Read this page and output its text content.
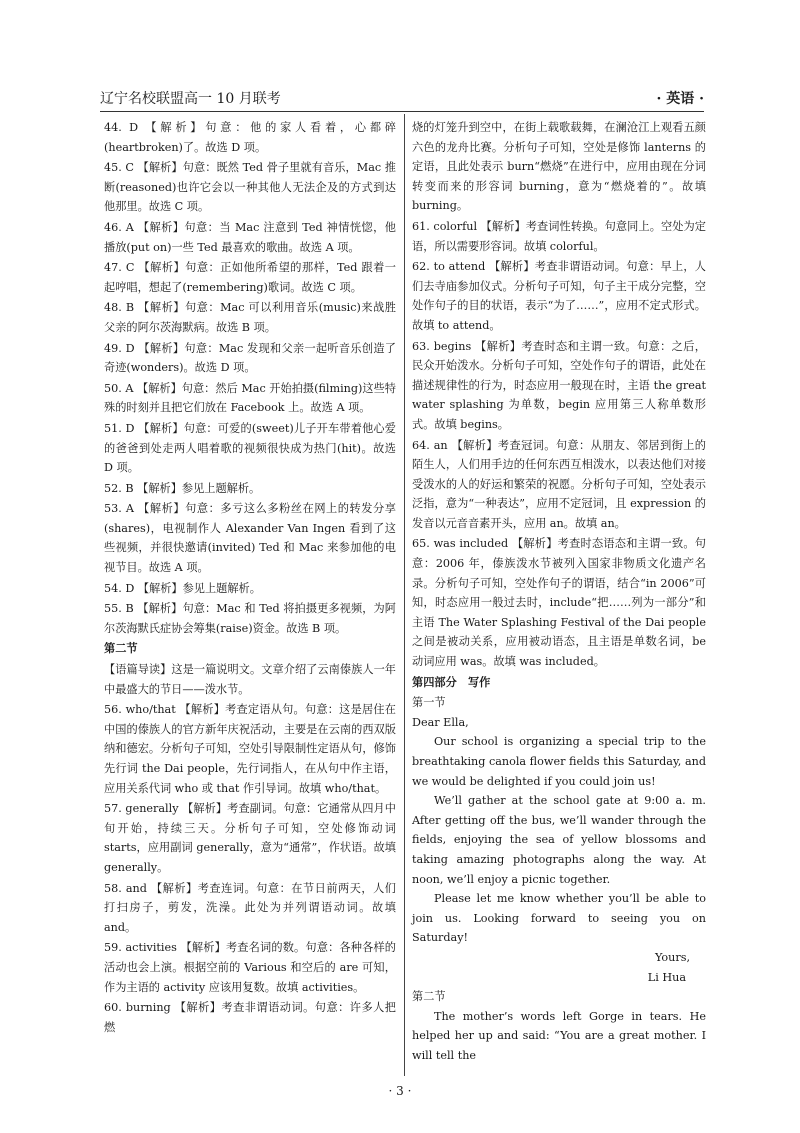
辽宁名校联盟高一 10 月联考	· 英语 ·
44. D 【解析】句意：他的家人看着，心都碎(heartbroken)了。故选 D 项。
45. C 【解析】句意：既然 Ted 骨子里就有音乐，Mac 推断(reasoned)也许它会以一种其他人无法企及的方式到达他那里。故选 C 项。
46. A 【解析】句意：当 Mac 注意到 Ted 神情恍惚，他播放(put on)一些 Ted 最喜欢的歌曲。故选 A 项。
47. C 【解析】句意：正如他所希望的那样，Ted 跟着一起哼唱，想起了(remembering)歌词。故选 C 项。
48. B 【解析】句意：Mac 可以利用音乐(music)来战胜父亲的阿尔茨海默病。故选 B 项。
49. D 【解析】句意：Mac 发现和父亲一起听音乐创造了奇迹(wonders)。故选 D 项。
50. A 【解析】句意：然后 Mac 开始拍摄(filming)这些特殊的时刻并且把它们放在 Facebook 上。故选 A 项。
51. D 【解析】句意：可爱的(sweet)儿子开车带着他心爱的爸爸到处走两人唱着歌的视频很快成为热门(hit)。故选 D 项。
52. B 【解析】参见上题解析。
53. A 【解析】句意：多亏这么多粉丝在网上的转发分享(shares)，电视制作人 Alexander Van Ingen 看到了这些视频，并很快邀请(invited) Ted 和 Mac 来参加他的电视节目。故选 A 项。
54. D 【解析】参见上题解析。
55. B 【解析】句意：Mac 和 Ted 将拍摄更多视频，为阿尔茨海默氏症协会筹集(raise)资金。故选 B 项。
第二节
【语篇导读】这是一篇说明文。文章介绍了云南傣族人一年中最盛大的节日——泼水节。
56. who/that 【解析】考查定语从句。句意：这是居住在中国的傣族人的官方新年庆祝活动，主要是在云南的西双版纳和德宏。分析句子可知，空处引导限制性定语从句，修饰先行词 the Dai people，先行词指人，在从句中作主语，应用关系代词 who 或 that 作引导词。故填 who/that。
57. generally 【解析】考查副词。句意：它通常从四月中旬开始，持续三天。分析句子可知，空处修饰动词 starts，应用副词 generally，意为“通常”，作状语。故填 generally。
58. and 【解析】考查连词。句意：在节日前两天，人们打扫房子，剪发，洗澡。此处为并列谓语动词。故填 and。
59. activities 【解析】考查名词的数。句意：各种各样的活动也会上演。根据空前的 Various 和空后的 are 可知，作为主语的 activity 应该用复数。故填 activities。
60. burning 【解析】考查非谓语动词。句意：许多人把燃
烧的灯笼升到空中，在街上载歌载舞，在澜沧江上观看五颜六色的龙舟比赛。分析句子可知，空处是修饰 lanterns 的定语，且此处表示 burn“燃烧”在进行中，应用由现在分词转变而来的形容词 burning，意为“燃烧着的”。故填 burning。
61. colorful 【解析】考查词性转换。句意同上。空处为定语，所以需要形容词。故填 colorful。
62. to attend 【解析】考查非谓语动词。句意：早上，人们去寺庙参加仪式。分析句子可知，句子主干成分完整，空处作句子的目的状语，表示“为了……”，应用不定式形式。故填 to attend。
63. begins 【解析】考查时态和主谓一致。句意：之后，民众开始泼水。分析句子可知，空处作句子的谓语，此处在描述规律性的行为，时态应用一般现在时，主语 the great water splashing 为单数，begin 应用第三人称单数形式。故填 begins。
64. an 【解析】考查冠词。句意：从朋友、邻居到街上的陌生人，人们用手边的任何东西互相泼水，以表达他们对接受泼水的人的好运和繁荣的祝愿。分析句子可知，空处表示泛指，意为“一种表达”，应用不定冠词，且 expression 的发音以元音音素开头，应用 an。故填 an。
65. was included 【解析】考查时态语态和主谓一致。句意：2006 年，傣族泼水节被列入国家非物质文化遗产名录。分析句子可知，空处作句子的谓语，结合“in 2006”可知，时态应用一般过去时，include“把……列为一部分”和主语 The Water Splashing Festival of the Dai people 之间是被动关系，应用被动语态，且主语是单数名词，be 动词应用 was。故填 was included。
第四部分　写作
第一节
Dear Ella,
Our school is organizing a special trip to the breathtaking canola flower fields this Saturday, and we would be delighted if you could join us!
We’ll gather at the school gate at 9:00 a. m. After getting off the bus, we’ll wander through the fields, enjoying the sea of yellow blossoms and taking amazing photographs along the way. At noon, we’ll enjoy a picnic together.
Please let me know whether you’ll be able to join us. Looking forward to seeing you on Saturday!
Yours,
Li Hua
第二节
The mother’s words left Gorge in tears. He helped her up and said: “You are a great mother. I will tell the
· 3 ·
